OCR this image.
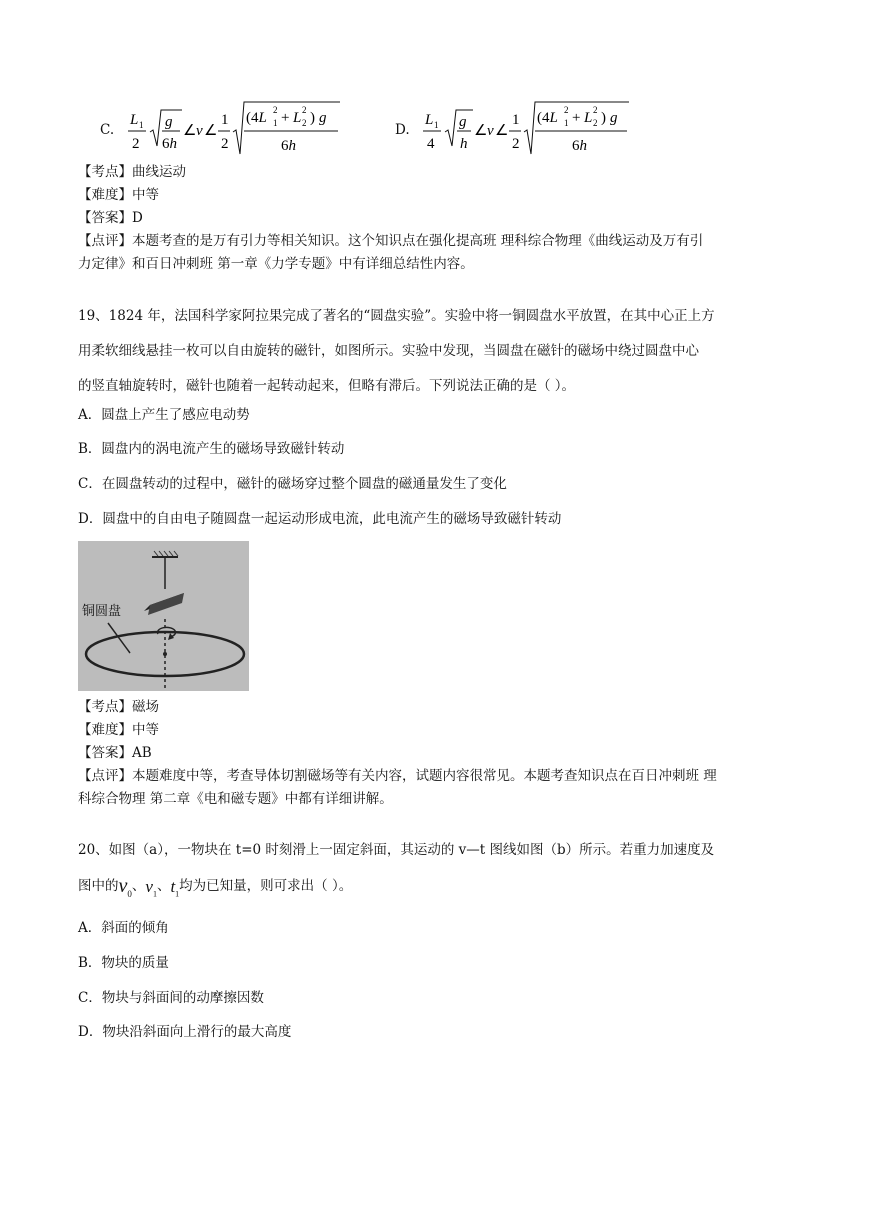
C.
L 1
2
g
6h
∠ v ∠
1
2
(4L 1
2 + L 2
2 ) g
6h
D.
L 1
4
g
h
∠ v ∠
1
2
(4L 1
2 + L 2
2 ) g
6h
【考点】曲线运动
【难度】中等
【答案】D
【点评】本题考查的是万有引力等相关知识。这个知识点在强化提高班 理科综合物理《曲线运动及万有引
力定律》和百日冲刺班 第一章《力学专题》中有详细总结性内容。
19、1824 年，法国科学家阿拉果完成了著名的“圆盘实验”。实验中将一铜圆盘水平放置，在其中心正上方
用柔软细线悬挂一枚可以自由旋转的磁针，如图所示。实验中发现，当圆盘在磁针的磁场中绕过圆盘中心
的竖直轴旋转时，磁针也随着一起转动起来，但略有滞后。下列说法正确的是（ ）。
A．圆盘上产生了感应电动势
B．圆盘内的涡电流产生的磁场导致磁针转动
C．在圆盘转动的过程中，磁针的磁场穿过整个圆盘的磁通量发生了变化
D．圆盘中的自由电子随圆盘一起运动形成电流，此电流产生的磁场导致磁针转动
铜圆盘
【考点】磁场
【难度】中等
【答案】AB
【点评】本题难度中等，考查导体切割磁场等有关内容，试题内容很常见。本题考查知识点在百日冲刺班 理
科综合物理 第二章《电和磁专题》中都有详细讲解。
20、如图（a），一物块在 t=0 时刻滑上一固定斜面，其运动的 v—t 图线如图（b）所示。若重力加速度及
图中的$v_0$、$v_1$、$t_1$均为已知量，则可求出（ ）。
A．斜面的倾角
B．物块的质量
C．物块与斜面间的动摩擦因数
D．物块沿斜面向上滑行的最大高度
